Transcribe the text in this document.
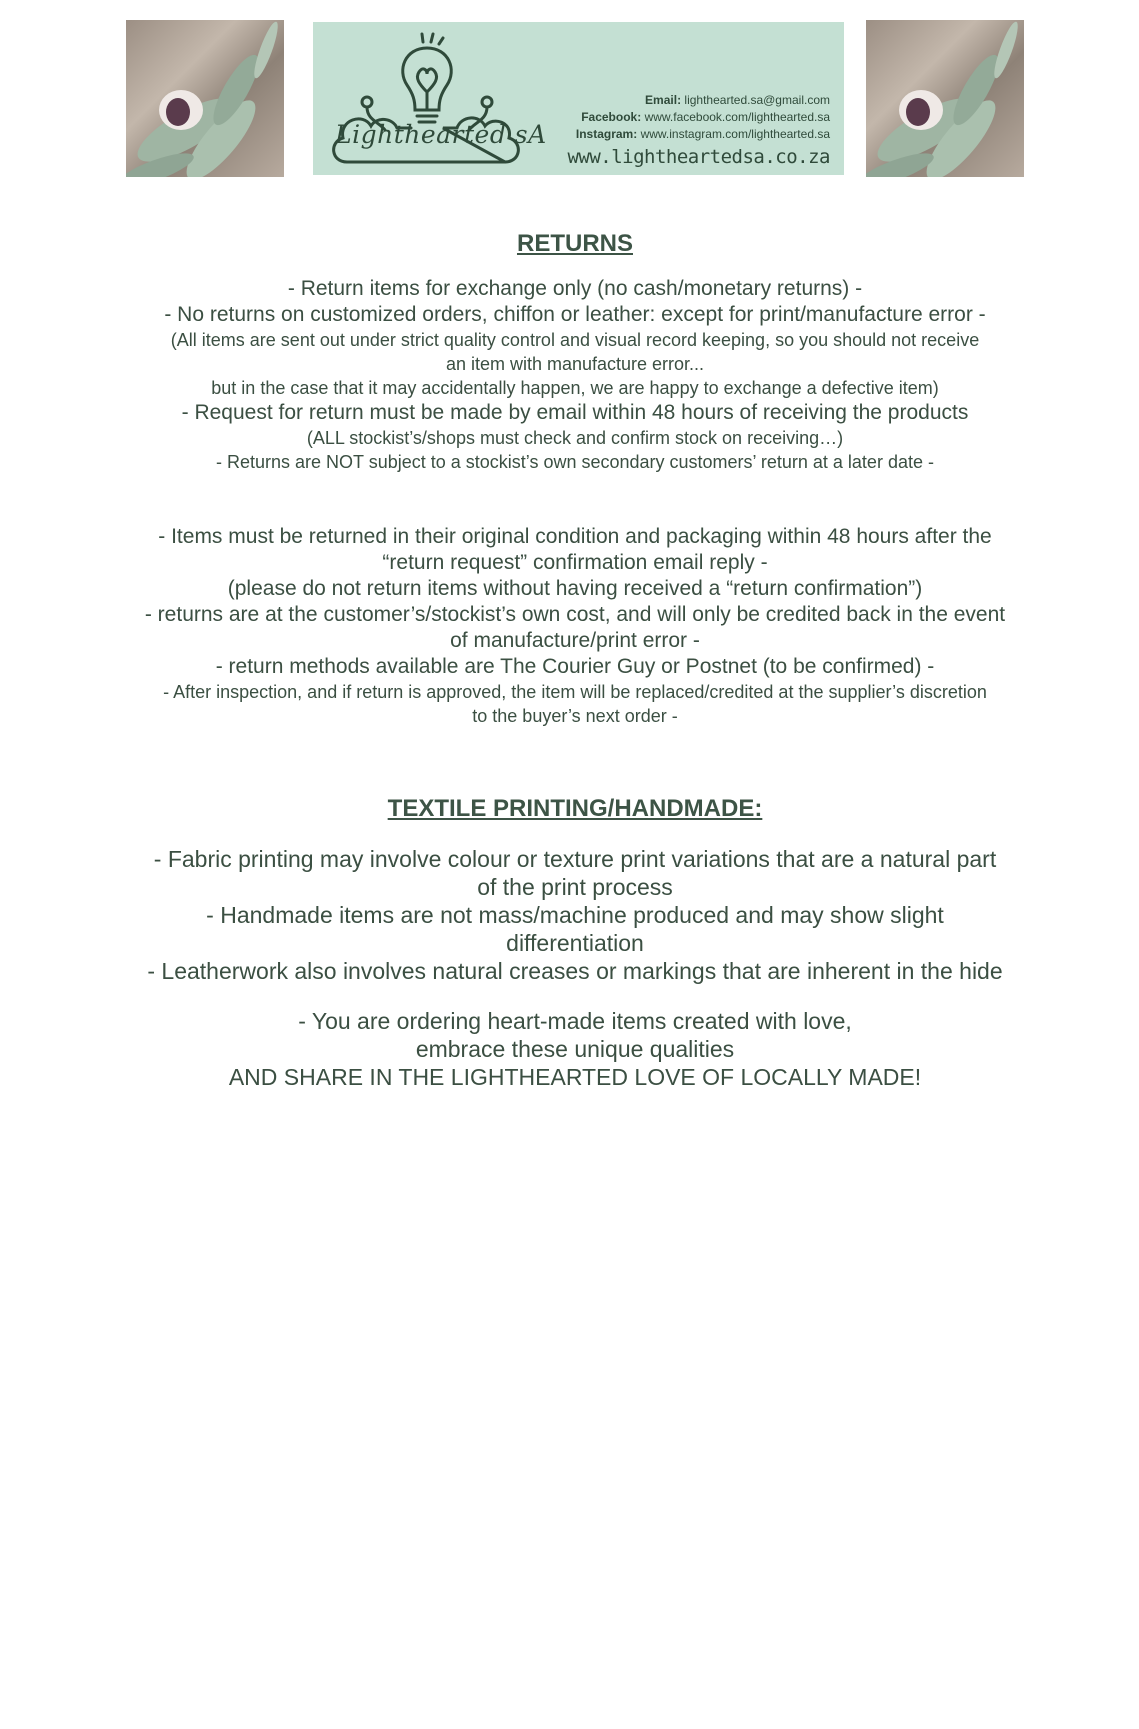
Lighthearted sA
Email: lighthearted.sa@gmail.com
Facebook: www.facebook.com/lighthearted.sa
Instagram: www.instagram.com/lighthearted.sa
www.lightheartedsa.co.za

RETURNS

- Return items for exchange only (no cash/monetary returns) -

- No returns on customized orders, chiffon or leather: except for print/manufacture error -

(All items are sent out under strict quality control and visual record keeping, so you should not receive

an item with manufacture error...

but in the case that it may accidentally happen, we are happy to exchange a defective item)

- Request for return must be made by email within 48 hours of receiving the products

(ALL stockist’s/shops must check and confirm stock on receiving…)

- Returns are NOT subject to a stockist’s own secondary customers’ return at a later date -

- Items must be returned in their original condition and packaging within 48 hours after the

“return request” confirmation email reply -

(please do not return items without having received a “return confirmation”)

- returns are at the customer’s/stockist’s own cost, and will only be credited back in the event

of manufacture/print error -

- return methods available are The Courier Guy or Postnet (to be confirmed) -

- After inspection, and if return is approved, the item will be replaced/credited at the supplier’s discretion

to the buyer’s next order -

TEXTILE PRINTING/HANDMADE:

- Fabric printing may involve colour or texture print variations that are a natural part

of the print process

- Handmade items are not mass/machine produced and may show slight

differentiation

- Leatherwork also involves natural creases or markings that are inherent in the hide

- You are ordering heart-made items created with love,

embrace these unique qualities

AND SHARE IN THE LIGHTHEARTED LOVE OF LOCALLY MADE!
